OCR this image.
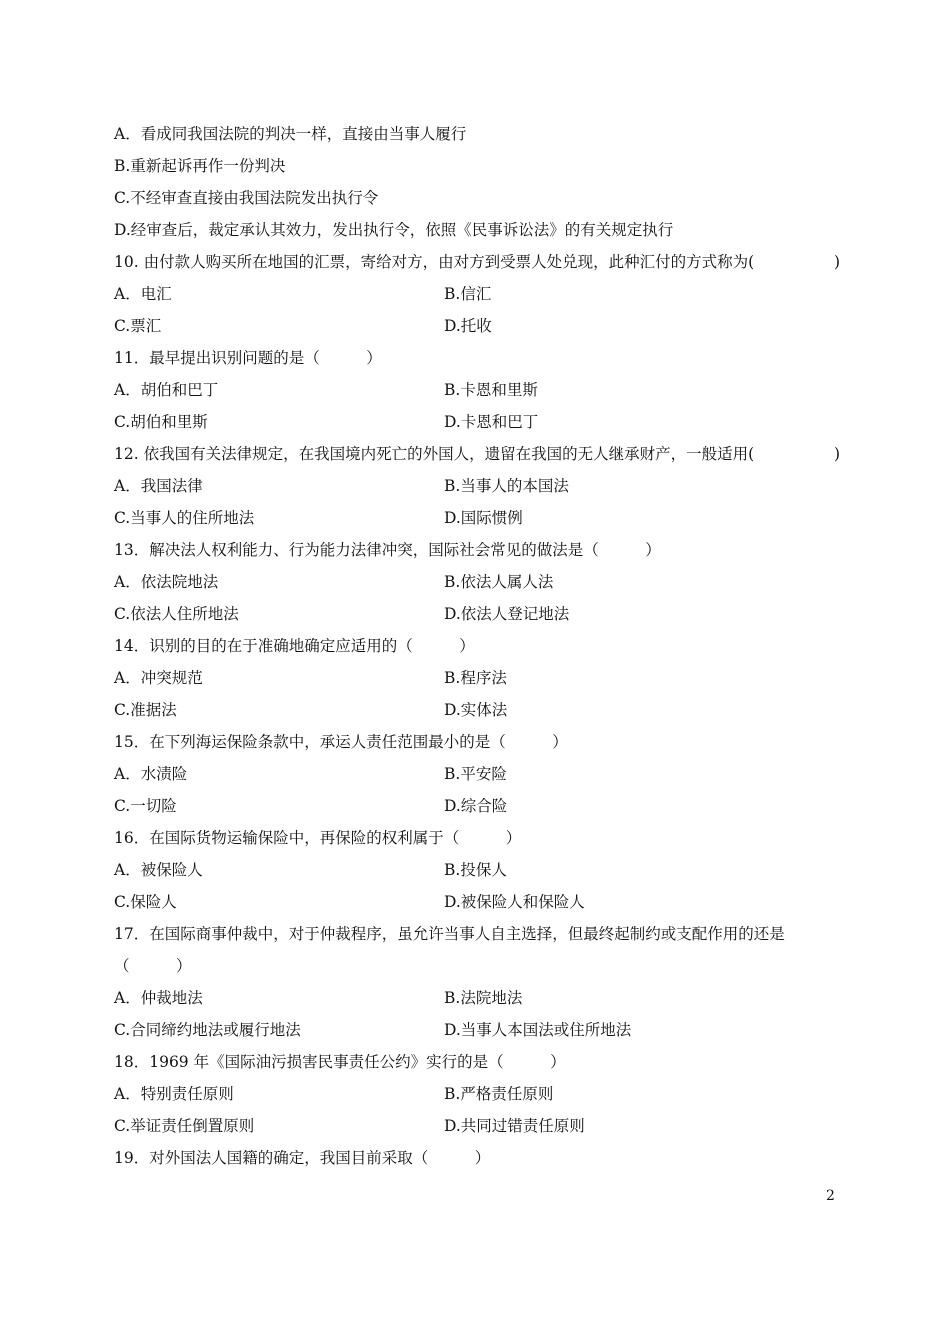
A．看成同我国法院的判决一样，直接由当事人履行
B.重新起诉再作一份判决
C.不经审查直接由我国法院发出执行令
D.经审查后，裁定承认其效力，发出执行令，依照《民事诉讼法》的有关规定执行
10. 由付款人购买所在地国的汇票，寄给对方，由对方到受票人处兑现，此种汇付的方式称为(	)
A．电汇	B.信汇
C.票汇	D.托收
11．最早提出识别问题的是（　　　）
A．胡伯和巴丁	B.卡恩和里斯
C.胡伯和里斯	D.卡恩和巴丁
12. 依我国有关法律规定，在我国境内死亡的外国人，遗留在我国的无人继承财产，一般适用(	)
A．我国法律	B.当事人的本国法
C.当事人的住所地法	D.国际惯例
13．解决法人权利能力、行为能力法律冲突，国际社会常见的做法是（　　　）
A．依法院地法	B.依法人属人法
C.依法人住所地法	D.依法人登记地法
14．识别的目的在于准确地确定应适用的（　　　）
A．冲突规范	B.程序法
C.准据法	D.实体法
15．在下列海运保险条款中，承运人责任范围最小的是（　　　）
A．水渍险	B.平安险
C.一切险	D.综合险
16．在国际货物运输保险中，再保险的权利属于（　　　）
A．被保险人	B.投保人
C.保险人	D.被保险人和保险人
17．在国际商事仲裁中，对于仲裁程序，虽允许当事人自主选择，但最终起制约或支配作用的还是
（　　　）
A．仲裁地法	B.法院地法
C.合同缔约地法或履行地法	D.当事人本国法或住所地法
18．1969 年《国际油污损害民事责任公约》实行的是（　　　）
A．特别责任原则	B.严格责任原则
C.举证责任倒置原则	D.共同过错责任原则
19．对外国法人国籍的确定，我国目前采取（　　　）
2
